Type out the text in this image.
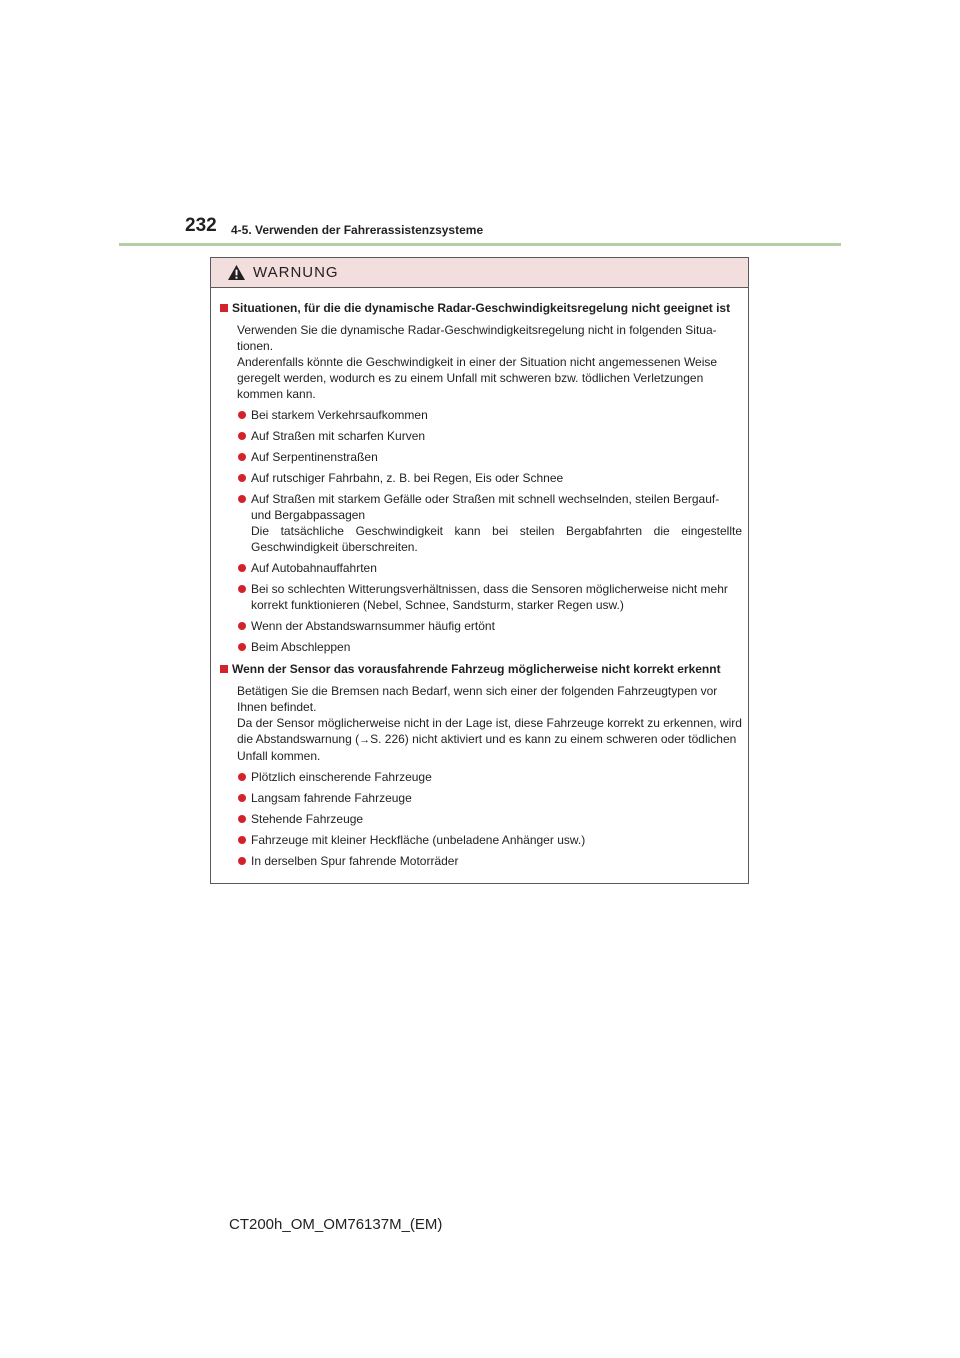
232 4-5. Verwenden der Fahrerassistenzsysteme
WARNUNG
Situationen, für die die dynamische Radar-Geschwindigkeitsregelung nicht geeignet ist
Verwenden Sie die dynamische Radar-Geschwindigkeitsregelung nicht in folgenden Situa- tionen.
Anderenfalls könnte die Geschwindigkeit in einer der Situation nicht angemessenen Weise geregelt werden, wodurch es zu einem Unfall mit schweren bzw. tödlichen Verletzungen kommen kann.
Bei starkem Verkehrsaufkommen
Auf Straßen mit scharfen Kurven
Auf Serpentinenstraßen
Auf rutschiger Fahrbahn, z. B. bei Regen, Eis oder Schnee
Auf Straßen mit starkem Gefälle oder Straßen mit schnell wechselnden, steilen Bergauf- und Bergabpassagen
Die tatsächliche Geschwindigkeit kann bei steilen Bergabfahrten die eingestellte Geschwindigkeit überschreiten.
Auf Autobahnauffahrten
Bei so schlechten Witterungsverhältnissen, dass die Sensoren möglicherweise nicht mehr korrekt funktionieren (Nebel, Schnee, Sandsturm, starker Regen usw.)
Wenn der Abstandswarnsummer häufig ertönt
Beim Abschleppen
Wenn der Sensor das vorausfahrende Fahrzeug möglicherweise nicht korrekt erkennt
Betätigen Sie die Bremsen nach Bedarf, wenn sich einer der folgenden Fahrzeugtypen vor Ihnen befindet.
Da der Sensor möglicherweise nicht in der Lage ist, diese Fahrzeuge korrekt zu erkennen, wird die Abstandswarnung (→S. 226) nicht aktiviert und es kann zu einem schweren oder tödlichen Unfall kommen.
Plötzlich einscherende Fahrzeuge
Langsam fahrende Fahrzeuge
Stehende Fahrzeuge
Fahrzeuge mit kleiner Heckfläche (unbeladene Anhänger usw.)
In derselben Spur fahrende Motorräder
CT200h_OM_OM76137M_(EM)
